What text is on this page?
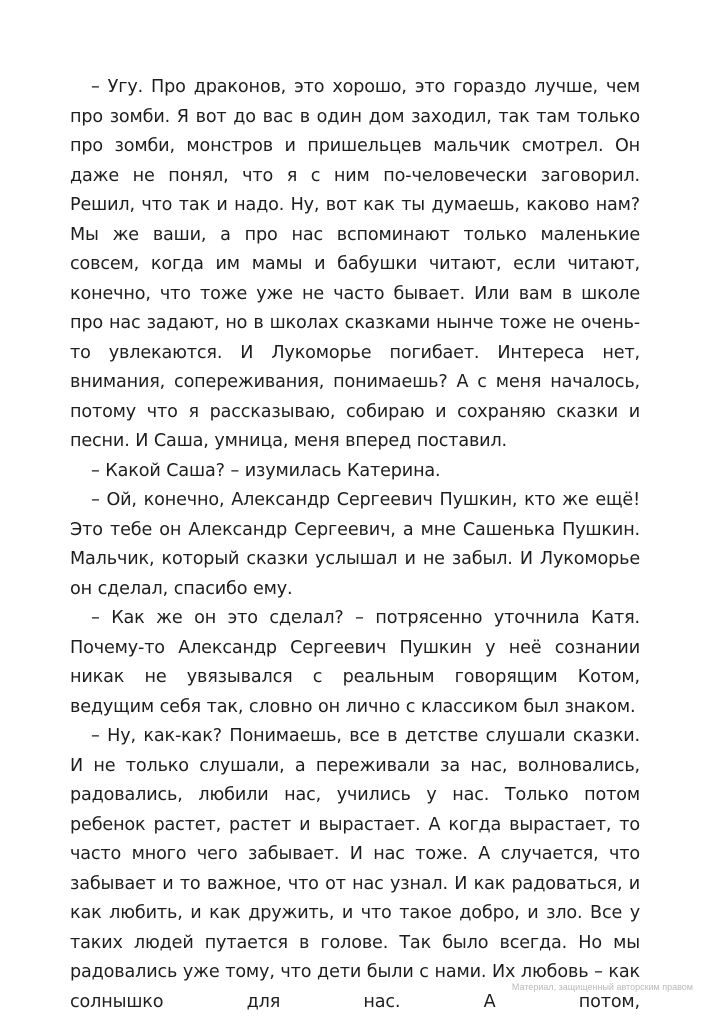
– Угу. Про драконов, это хорошо, это гораздо лучше, чем про зомби. Я вот до вас в один дом заходил, так там только про зомби, монстров и пришельцев мальчик смотрел. Он даже не понял, что я с ним по-человечески заговорил. Решил, что так и надо. Ну, вот как ты думаешь, каково нам? Мы же ваши, а про нас вспоминают только маленькие совсем, когда им мамы и бабушки читают, если читают, конечно, что тоже уже не часто бывает. Или вам в школе про нас задают, но в школах сказками нынче тоже не очень-то увлекаются. И Лукоморье погибает. Интереса нет, внимания, сопереживания, понимаешь? А с меня началось, потому что я рассказываю, собираю и сохраняю сказки и песни. И Саша, умница, меня вперед поставил.

– Какой Саша? – изумилась Катерина.

– Ой, конечно, Александр Сергеевич Пушкин, кто же ещё! Это тебе он Александр Сергеевич, а мне Сашенька Пушкин. Мальчик, который сказки услышал и не забыл. И Лукоморье он сделал, спасибо ему.

– Как же он это сделал? – потрясенно уточнила Катя. Почему-то Александр Сергеевич Пушкин у неё сознании никак не увязывался с реальным говорящим Котом, ведущим себя так, словно он лично с классиком был знаком.

– Ну, как-как? Понимаешь, все в детстве слушали сказки. И не только слушали, а переживали за нас, волновались, радовались, любили нас, учились у нас. Только потом ребенок растет, растет и вырастает. А когда вырастает, то часто много чего забывает. И нас тоже. А случается, что забывает и то важное, что от нас узнал. И как радоваться, и как любить, и как дружить, и что такое добро, и зло. Все у таких людей путается в голове. Так было всегда. Но мы радовались уже тому, что дети были с нами. Их любовь – как солнышко для нас. А потом,

Материал, защищенный авторским правом
